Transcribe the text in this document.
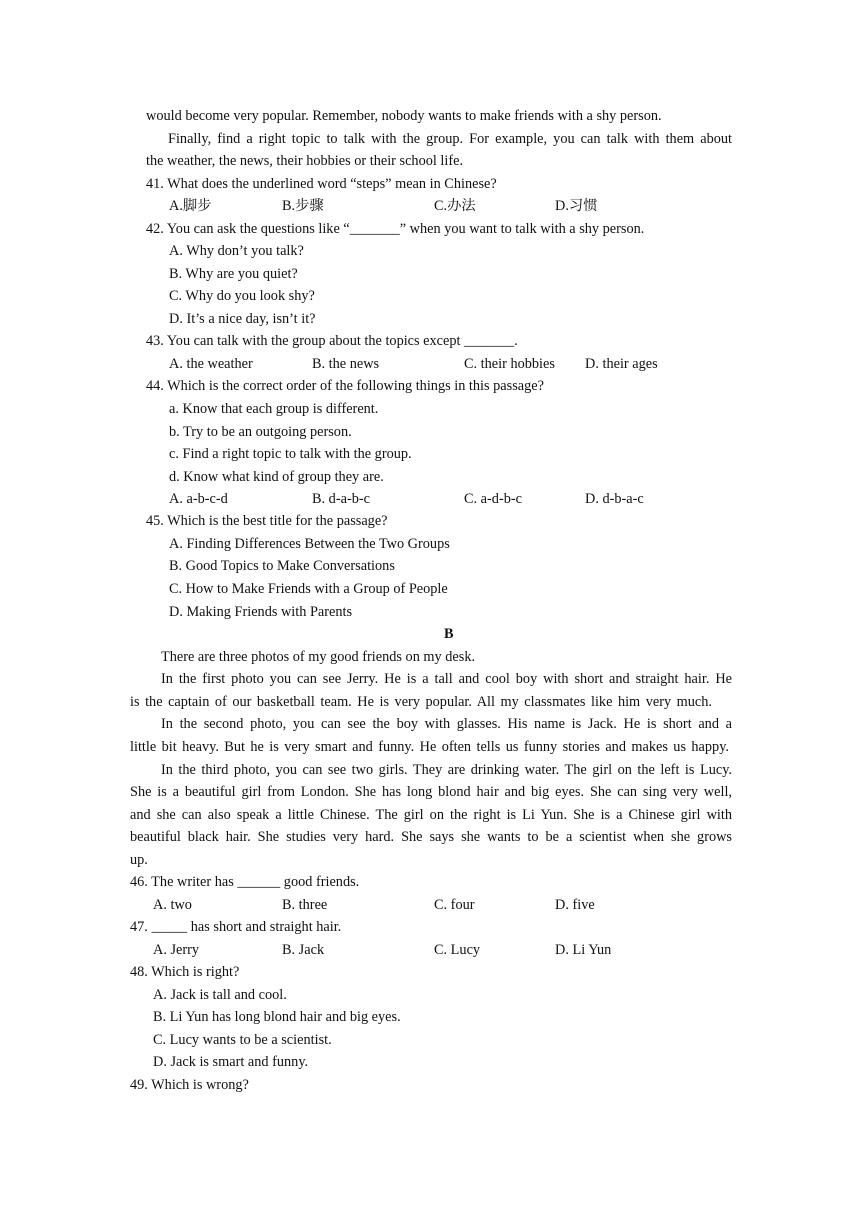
would become very popular. Remember, nobody wants to make friends with a shy person.
Finally, find a right topic to talk with the group. For example, you can talk with them about
the weather, the news, their hobbies or their school life.
41. What does the underlined word “steps” mean in Chinese?
A.脚步	B.步骤	C.办法	D.习惯
42. You can ask the questions like “_______” when you want to talk with a shy person.
A. Why don’t you talk?
B. Why are you quiet?
C. Why do you look shy?
D. It’s a nice day, isn’t it?
43. You can talk with the group about the topics except _______.
A. the weather	B. the news	C. their hobbies D. their ages
44. Which is the correct order of the following things in this passage?
a. Know that each group is different.
b. Try to be an outgoing person.
c. Find a right topic to talk with the group.
d. Know what kind of group they are.
A. a-b-c-d	B. d-a-b-c	C. a-d-b-c	D. d-b-a-c
45. Which is the best title for the passage?
A. Finding Differences Between the Two Groups
B. Good Topics to Make Conversations
C. How to Make Friends with a Group of People
D. Making Friends with Parents
B
There are three photos of my good friends on my desk.
In the first photo you can see Jerry. He is a tall and cool boy with short and straight hair. He
is the captain of our basketball team. He is very popular. All my classmates like him very much.
In the second photo, you can see the boy with glasses. His name is Jack. He is short and a
little bit heavy. But he is very smart and funny. He often tells us funny stories and makes us happy.
In the third photo, you can see two girls. They are drinking water. The girl on the left is Lucy.
She is a beautiful girl from London. She has long blond hair and big eyes. She can sing very well,
and she can also speak a little Chinese. The girl on the right is Li Yun. She is a Chinese girl with
beautiful black hair. She studies very hard. She says she wants to be a scientist when she grows
up.
46. The writer has ______ good friends.
A. two	B. three	C. four	D. five
47. _____ has short and straight hair.
A. Jerry	B. Jack	C. Lucy	D. Li Yun
48. Which is right?
A. Jack is tall and cool.
B. Li Yun has long blond hair and big eyes.
C. Lucy wants to be a scientist.
D. Jack is smart and funny.
49. Which is wrong?
